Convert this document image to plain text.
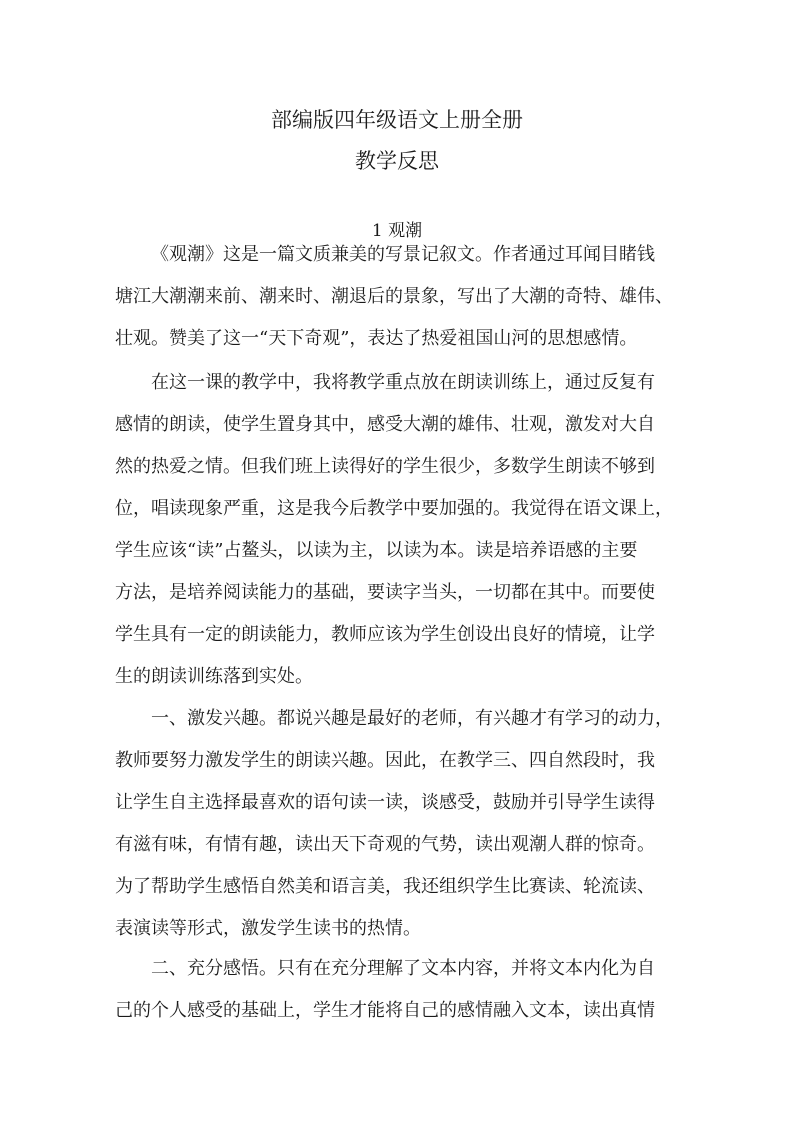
部编版四年级语文上册全册
教学反思
1 观潮
《观潮》这是一篇文质兼美的写景记叙文。作者通过耳闻目睹钱
塘江大潮潮来前、潮来时、潮退后的景象，写出了大潮的奇特、雄伟、
壮观。赞美了这一“天下奇观”，表达了热爱祖国山河的思想感情。
在这一课的教学中，我将教学重点放在朗读训练上，通过反复有
感情的朗读，使学生置身其中，感受大潮的雄伟、壮观，激发对大自
然的热爱之情。但我们班上读得好的学生很少，多数学生朗读不够到
位，唱读现象严重，这是我今后教学中要加强的。我觉得在语文课上，
学生应该“读”占鳌头，以读为主，以读为本。读是培养语感的主要
方法，是培养阅读能力的基础，要读字当头，一切都在其中。而要使
学生具有一定的朗读能力，教师应该为学生创设出良好的情境，让学
生的朗读训练落到实处。
一、激发兴趣。都说兴趣是最好的老师，有兴趣才有学习的动力，
教师要努力激发学生的朗读兴趣。因此，在教学三、四自然段时，我
让学生自主选择最喜欢的语句读一读，谈感受，鼓励并引导学生读得
有滋有味，有情有趣，读出天下奇观的气势，读出观潮人群的惊奇。
为了帮助学生感悟自然美和语言美，我还组织学生比赛读、轮流读、
表演读等形式，激发学生读书的热情。
二、充分感悟。只有在充分理解了文本内容，并将文本内化为自
己的个人感受的基础上，学生才能将自己的感情融入文本，读出真情
